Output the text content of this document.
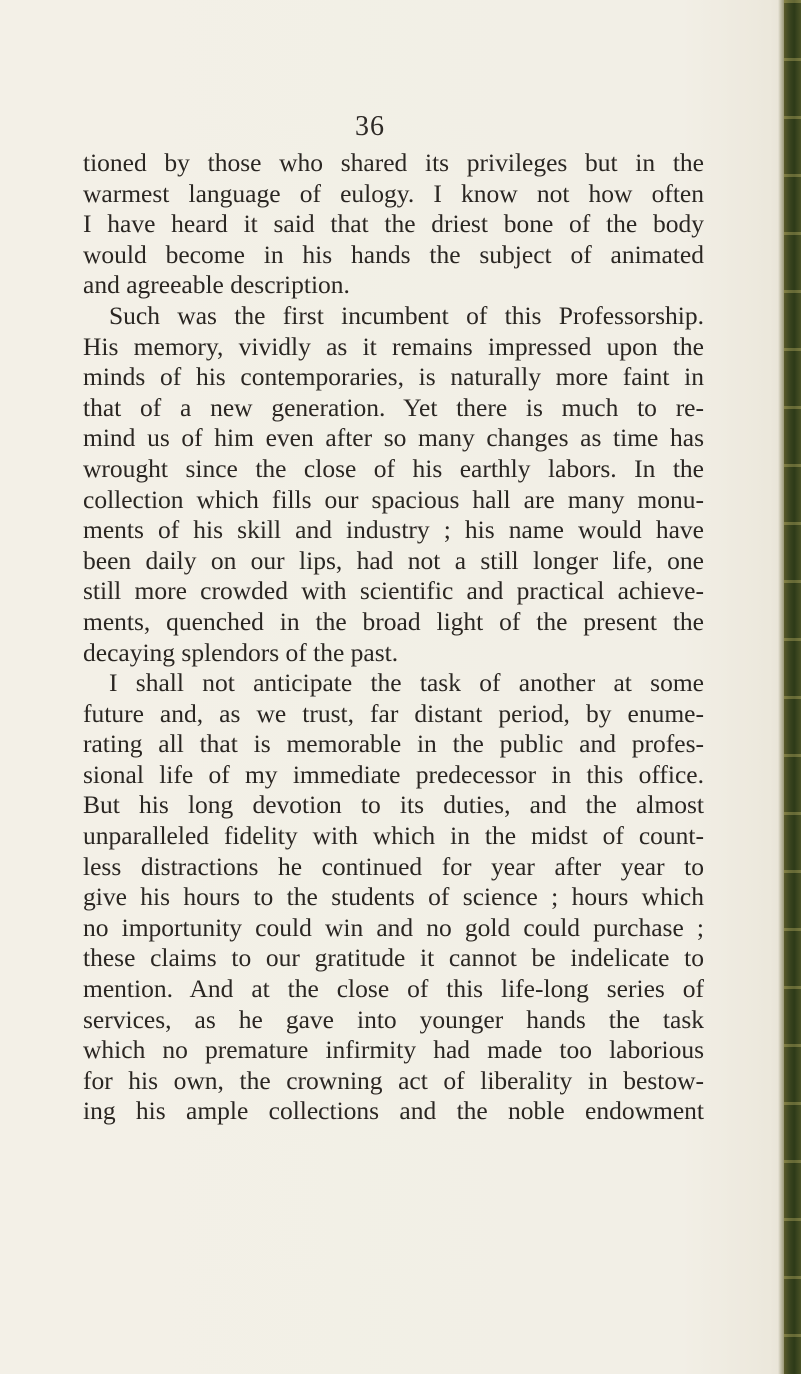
36
tioned by those who shared its privileges but in the
warmest language of eulogy. I know not how often
I have heard it said that the driest bone of the body
would become in his hands the subject of animated
and agreeable description.
Such was the first incumbent of this Professorship.
His memory, vividly as it remains impressed upon the
minds of his contemporaries, is naturally more faint in
that of a new generation. Yet there is much to re-
mind us of him even after so many changes as time has
wrought since the close of his earthly labors. In the
collection which fills our spacious hall are many monu-
ments of his skill and industry ; his name would have
been daily on our lips, had not a still longer life, one
still more crowded with scientific and practical achieve-
ments, quenched in the broad light of the present the
decaying splendors of the past.
I shall not anticipate the task of another at some
future and, as we trust, far distant period, by enume-
rating all that is memorable in the public and profes-
sional life of my immediate predecessor in this office.
But his long devotion to its duties, and the almost
unparalleled fidelity with which in the midst of count-
less distractions he continued for year after year to
give his hours to the students of science ; hours which
no importunity could win and no gold could purchase ;
these claims to our gratitude it cannot be indelicate to
mention. And at the close of this life-long series of
services, as he gave into younger hands the task
which no premature infirmity had made too laborious
for his own, the crowning act of liberality in bestow-
ing his ample collections and the noble endowment
